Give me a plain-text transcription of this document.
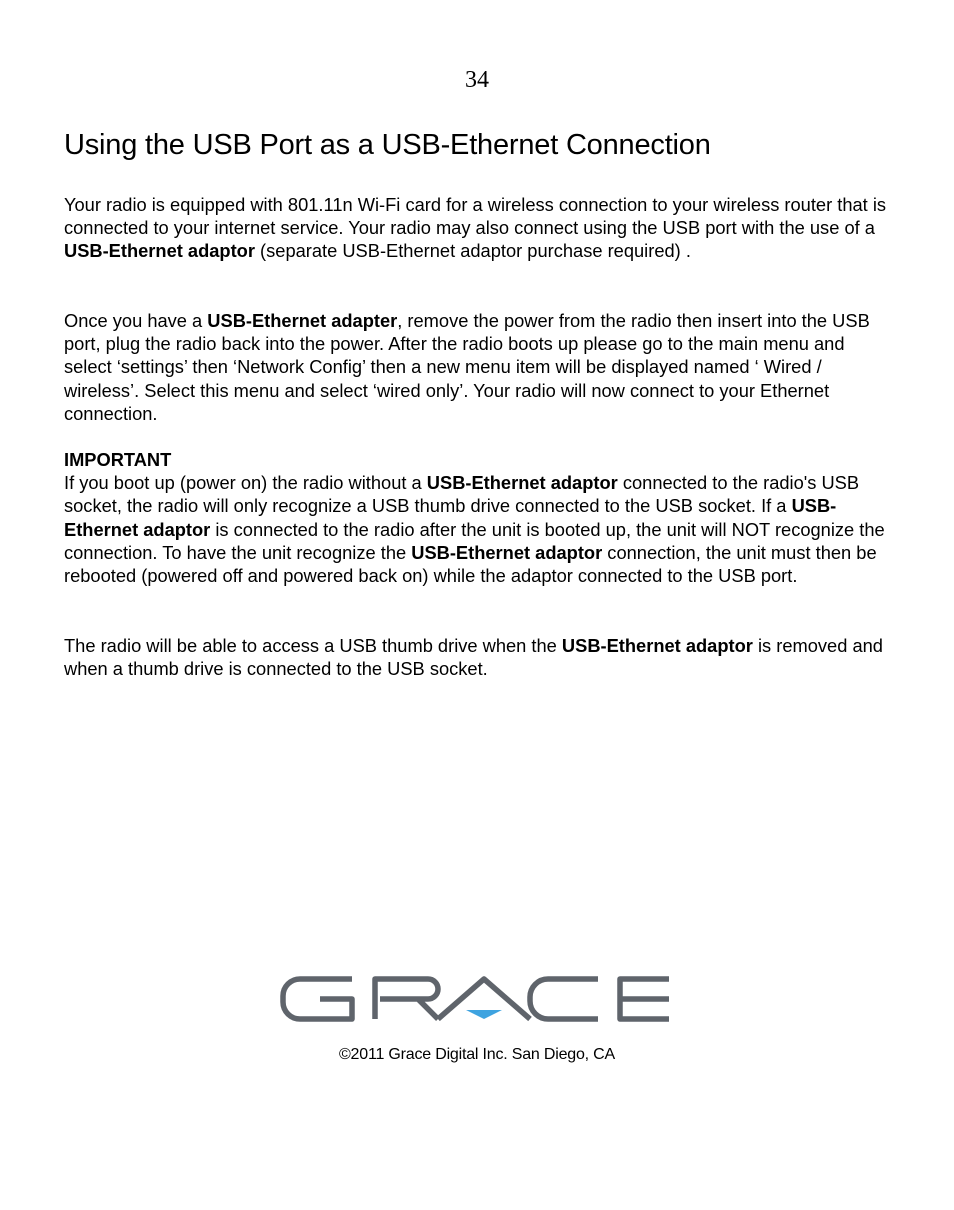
34
Using the USB Port as a USB-Ethernet Connection

Your radio is equipped with 801.11n Wi-Fi card for a wireless connection to your wireless router that is connected to your internet service. Your radio may also connect using the USB port with the use of a USB-Ethernet adaptor (separate USB-Ethernet adaptor purchase required) .

Once you have a USB-Ethernet adapter, remove the power from the radio then insert into the USB port, plug the radio back into the power. After the radio boots up please go to the main menu and select ‘settings’ then ‘Network Config’ then a new menu item will be displayed named ‘ Wired / wireless’. Select this menu and select ‘wired only’. Your radio will now connect to your Ethernet connection.

IMPORTANT
If you boot up (power on) the radio without a USB-Ethernet adaptor connected to the radio's USB socket, the radio will only recognize a USB thumb drive connected to the USB socket. If a USB-Ethernet adaptor is connected to the radio after the unit is booted up, the unit will NOT recognize the connection. To have the unit recognize the USB-Ethernet adaptor connection, the unit must then be rebooted (powered off and powered back on) while the adaptor connected to the USB port.

The radio will be able to access a USB thumb drive when the USB-Ethernet adaptor is removed and when a thumb drive is connected to the USB socket.

©2011 Grace Digital Inc. San Diego, CA
